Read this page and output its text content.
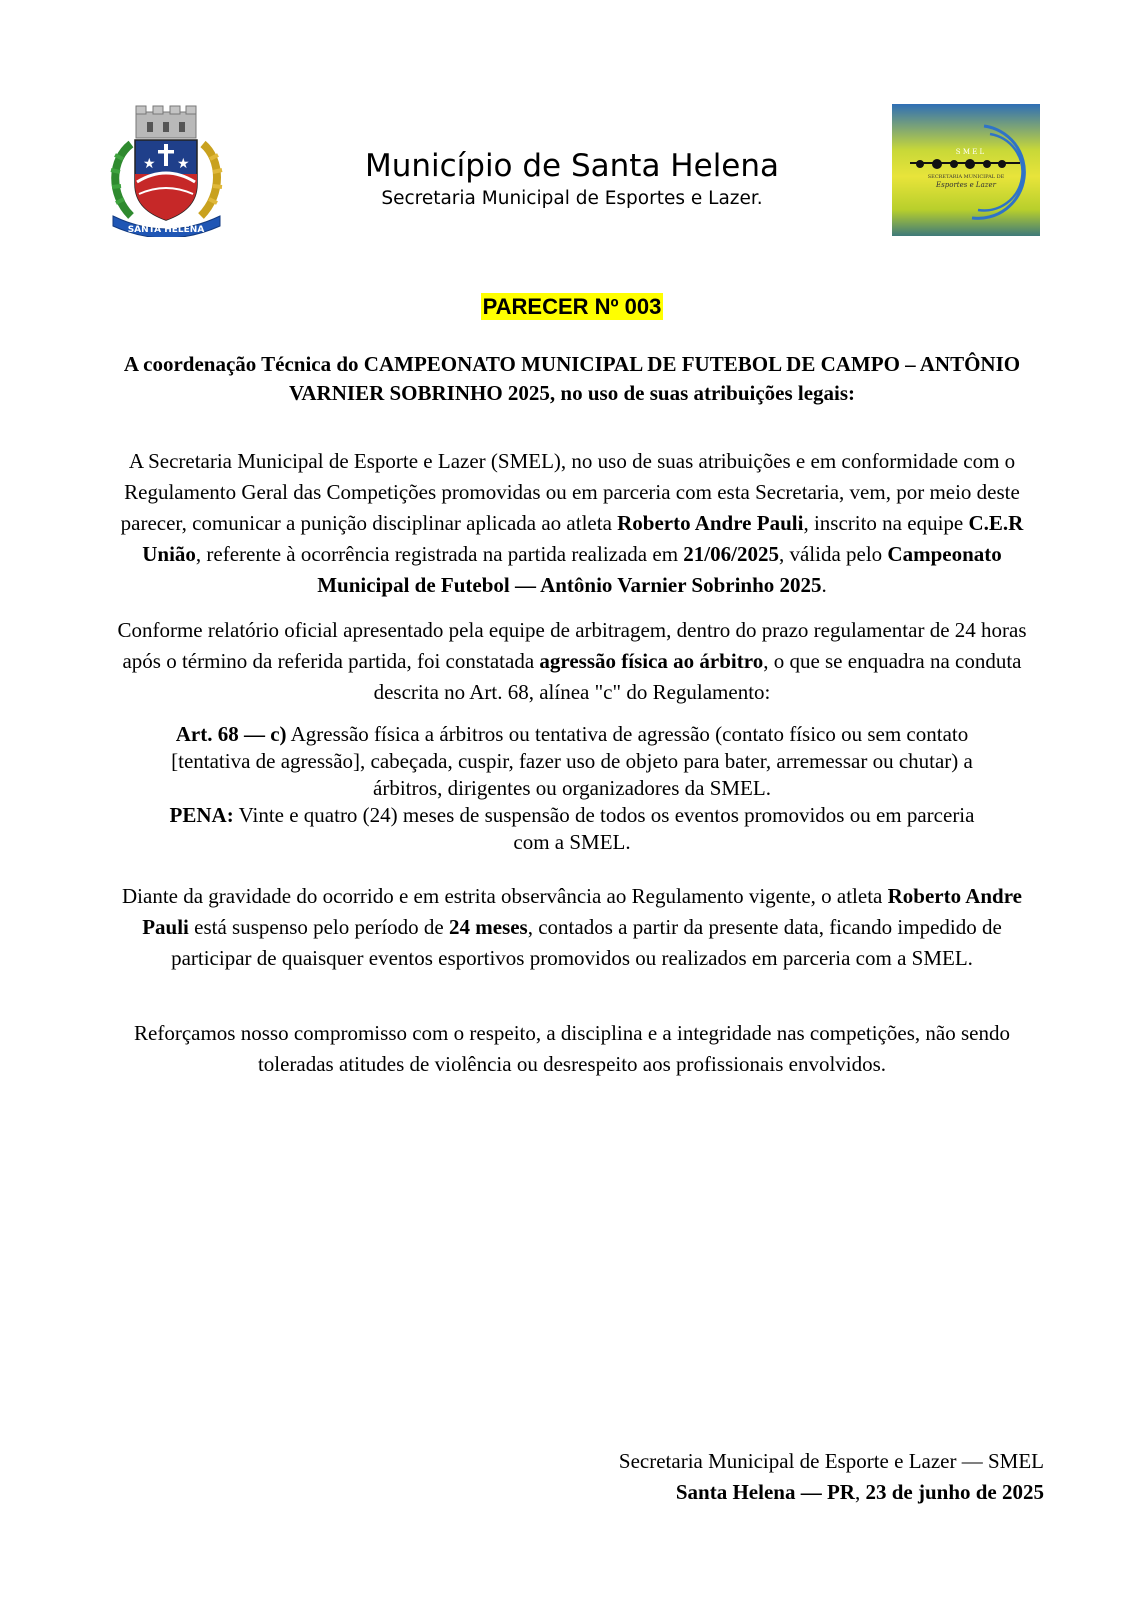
★ ★
SANTA HELENA
Município de Santa Helena
Secretaria Municipal de Esportes e Lazer.
S M E L
SECRETARIA MUNICIPAL DE
Esportes e Lazer
PARECER Nº 003

A coordenação Técnica do CAMPEONATO MUNICIPAL DE FUTEBOL DE CAMPO – ANTÔNIO VARNIER SOBRINHO 2025, no uso de suas atribuições legais:

A Secretaria Municipal de Esporte e Lazer (SMEL), no uso de suas atribuições e em conformidade com o Regulamento Geral das Competições promovidas ou em parceria com esta Secretaria, vem, por meio deste parecer, comunicar a punição disciplinar aplicada ao atleta Roberto Andre Pauli, inscrito na equipe C.E.R União, referente à ocorrência registrada na partida realizada em 21/06/2025, válida pelo Campeonato Municipal de Futebol — Antônio Varnier Sobrinho 2025.

Conforme relatório oficial apresentado pela equipe de arbitragem, dentro do prazo regulamentar de 24 horas após o término da referida partida, foi constatada agressão física ao árbitro, o que se enquadra na conduta descrita no Art. 68, alínea "c" do Regulamento:

Art. 68 — c) Agressão física a árbitros ou tentativa de agressão (contato físico ou sem contato [tentativa de agressão], cabeçada, cuspir, fazer uso de objeto para bater, arremessar ou chutar) a árbitros, dirigentes ou organizadores da SMEL.
PENA: Vinte e quatro (24) meses de suspensão de todos os eventos promovidos ou em parceria com a SMEL.

Diante da gravidade do ocorrido e em estrita observância ao Regulamento vigente, o atleta Roberto Andre Pauli está suspenso pelo período de 24 meses, contados a partir da presente data, ficando impedido de participar de quaisquer eventos esportivos promovidos ou realizados em parceria com a SMEL.

Reforçamos nosso compromisso com o respeito, a disciplina e a integridade nas competições, não sendo toleradas atitudes de violência ou desrespeito aos profissionais envolvidos.

Secretaria Municipal de Esporte e Lazer — SMEL

Santa Helena — PR, 23 de junho de 2025
